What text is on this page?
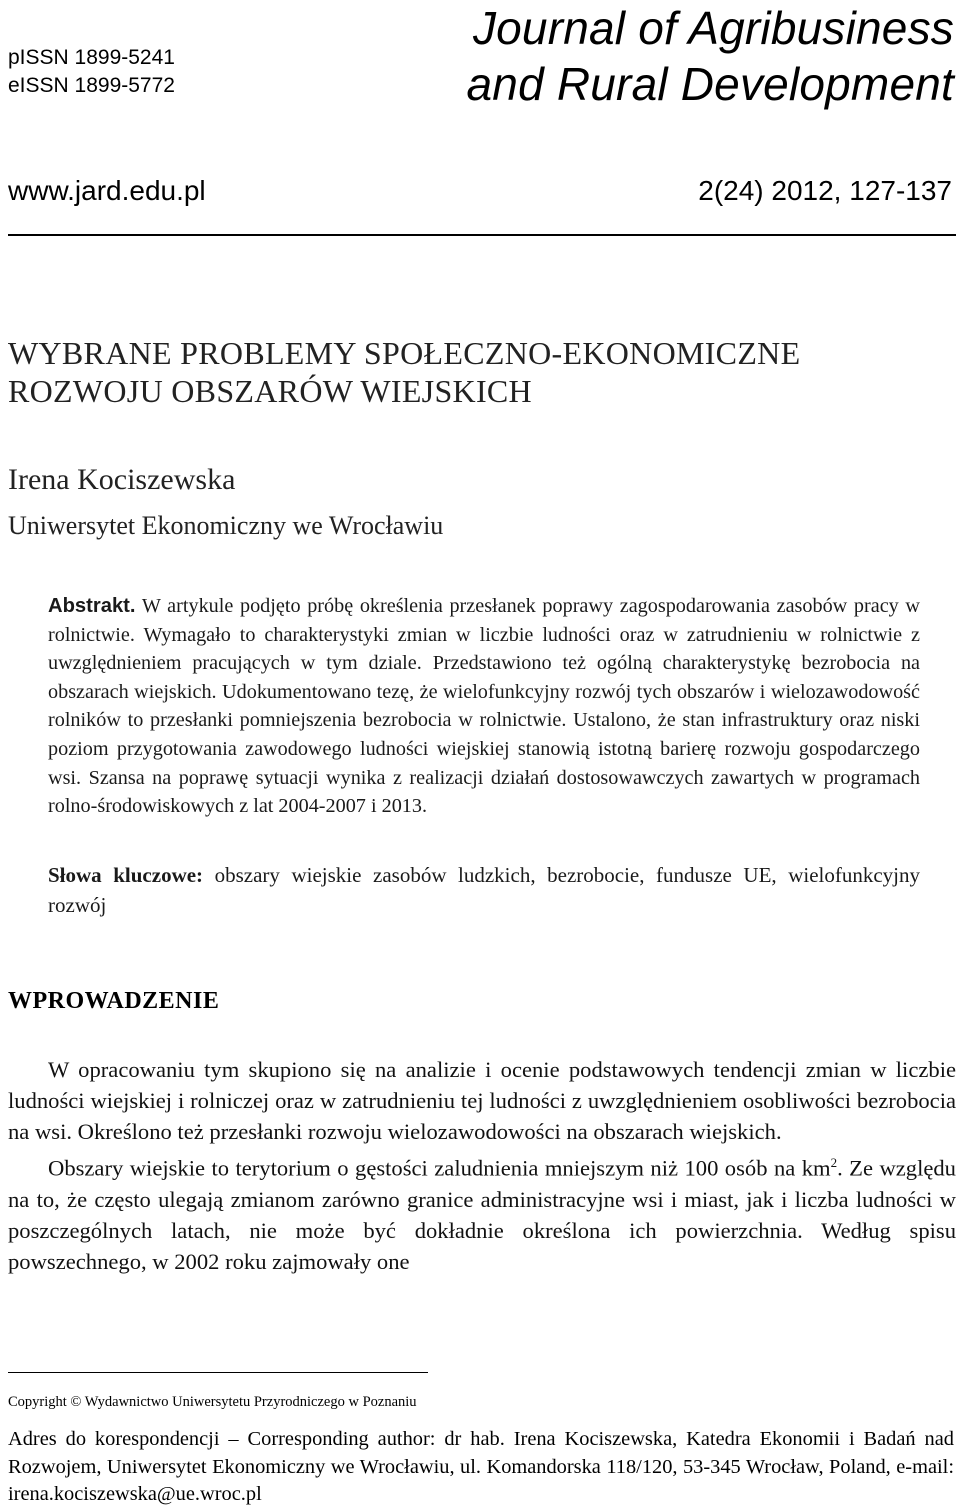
pISSN 1899-5241
eISSN 1899-5772
Journal of Agribusiness
and Rural Development
www.jard.edu.pl	2(24) 2012, 127-137
WYBRANE PROBLEMY SPOŁECZNO-EKONOMICZNE
ROZWOJU OBSZARÓW WIEJSKICH
Irena Kociszewska
Uniwersytet Ekonomiczny we Wrocławiu
Abstrakt. W artykule podjęto próbę określenia przesłanek poprawy zagospodarowania zasobów pracy w rolnictwie. Wymagało to charakterystyki zmian w liczbie ludności oraz w zatrudnieniu w rolnictwie z uwzględnieniem pracujących w tym dziale. Przedstawiono też ogólną charakterystykę bezrobocia na obszarach wiejskich. Udokumentowano tezę, że wielofunkcyjny rozwój tych obszarów i wielozawodowość rolników to przesłanki pomniejszenia bezrobocia w rolnictwie. Ustalono, że stan infrastruktury oraz niski poziom przygotowania zawodowego ludności wiejskiej stanowią istotną barierę rozwoju gospodarczego wsi. Szansa na poprawę sytuacji wynika z realizacji działań dostosowawczych zawartych w programach rolno-środowiskowych z lat 2004-2007 i 2013.
Słowa kluczowe: obszary wiejskie zasobów ludzkich, bezrobocie, fundusze UE, wielofunkcyjny rozwój
WPROWADZENIE

W opracowaniu tym skupiono się na analizie i ocenie podstawowych tendencji zmian w liczbie ludności wiejskiej i rolniczej oraz w zatrudnieniu tej ludności z uwzględnieniem osobliwości bezrobocia na wsi. Określono też przesłanki rozwoju wielozawodowości na obszarach wiejskich.

Obszary wiejskie to terytorium o gęstości zaludnienia mniejszym niż 100 osób na $km^2$. Ze względu na to, że często ulegają zmianom zarówno granice administracyjne wsi i miast, jak i liczba ludności w poszczególnych latach, nie może być dokładnie określona ich powierzchnia. Według spisu powszechnego, w 2002 roku zajmowały one

Copyright © Wydawnictwo Uniwersytetu Przyrodniczego w Poznaniu
Adres do korespondencji – Corresponding author: dr hab. Irena Kociszewska, Katedra Ekonomii i Badań nad Rozwojem, Uniwersytet Ekonomiczny we Wrocławiu, ul. Komandorska 118/120, 53-345 Wrocław, Poland, e-mail: irena.kociszewska@ue.wroc.pl
